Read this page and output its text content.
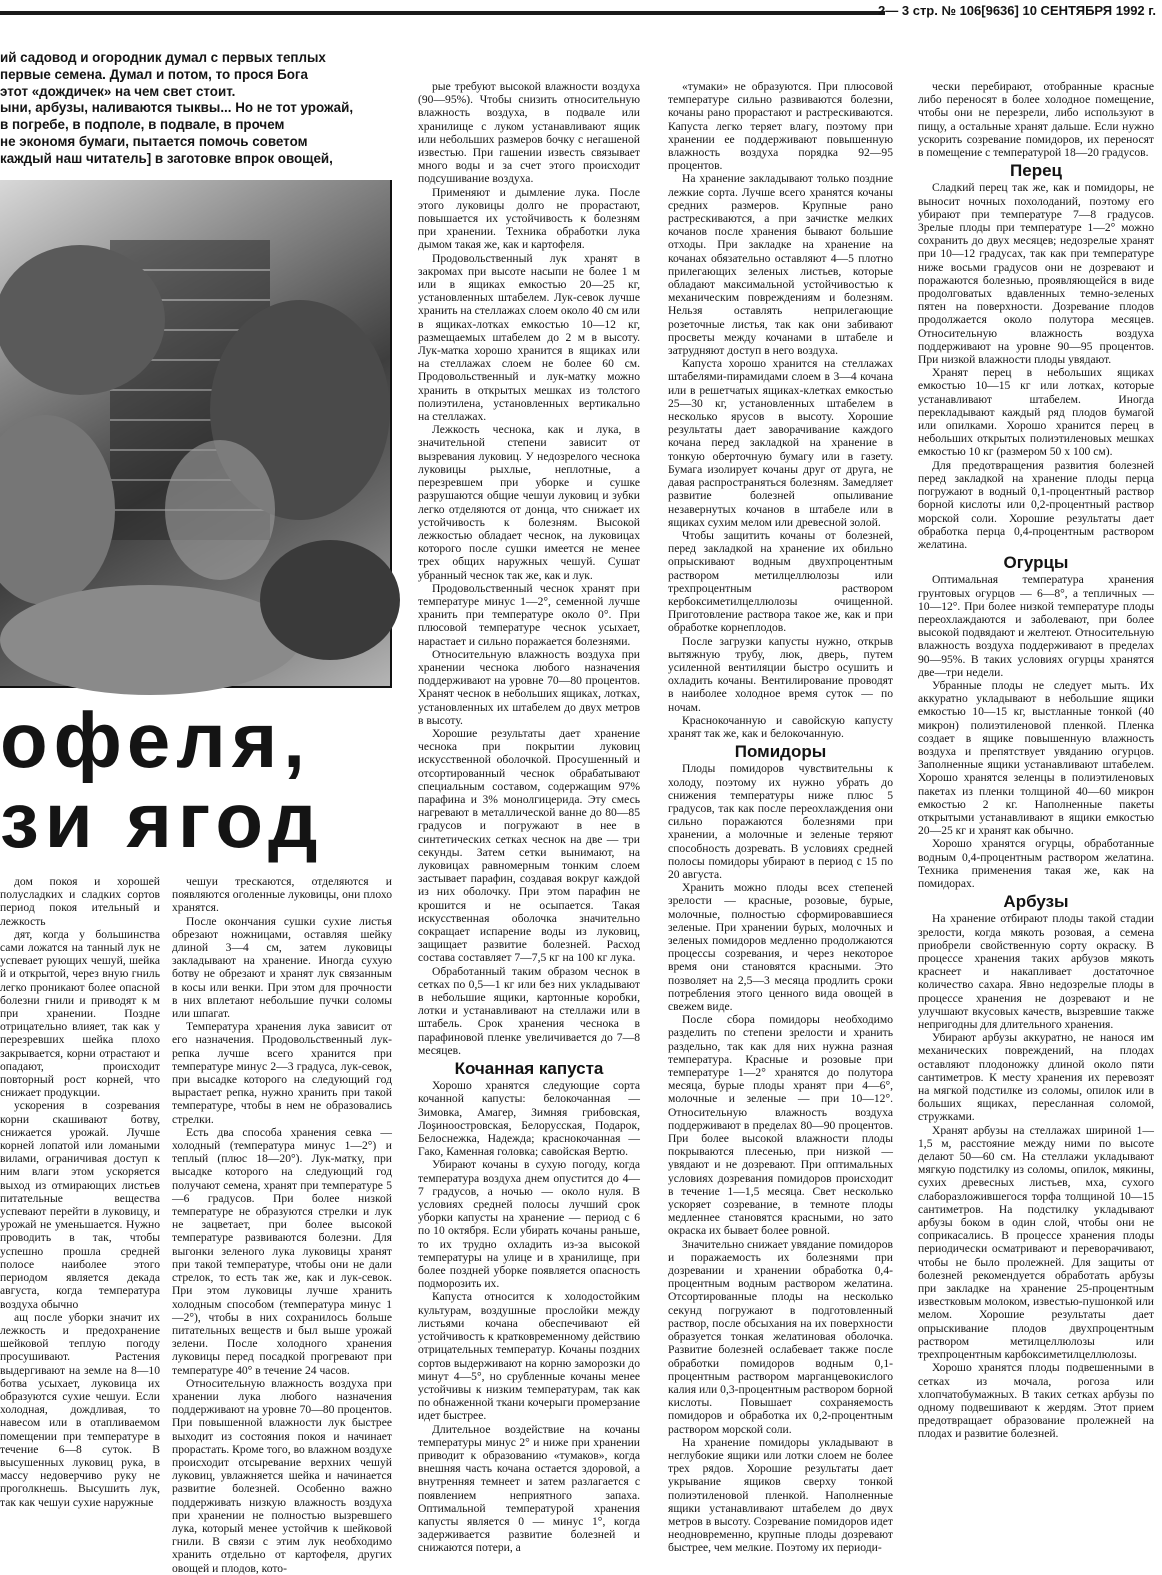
2— 3 стр. № 106[9636] 10 СЕНТЯБРЯ 1992 г.
ий садовод и огородник думал с первых теплых
первые семена. Думал и потом, то прося Бога
этот «дождичек» на чем свет стоит.
ыни, арбузы, наливаются тыквы... Но не тот урожай,
в погребе, в подполе, в подвале, в прочем
не экономя бумаги, пытается помочь советом
каждый наш читатель] в заготовке впрок овощей,
офеля,
зи ягод

дом покоя и хорошей полусладких и сладких сортов период покоя ительный и лежкость

дят, когда у большинства сами ложатся на танный лук не успевает рующих чешуй, шейка й и открытой, через вную гниль легко проникают более опасной болезни гнили и приводят к м при хранении. Поздне отрицательно влияет, так как у перезревших шейка плохо закрывается, корни отрастают и опадают, происходит повторный рост корней, что снижает продукции.

ускорения в созревания корни скашивают ботву, снижается урожай. Лучше корней лопатой или ломаными вилами, ограничивая доступ к ним влаги этом ускоряется выход из отмирающих листьев питательные вещества успевают перейти в луковицу, и урожай не уменьшается. Нужно проводить в так, чтобы успешно прошла средней полосе наиболее этого периодом является декада августа, когда температура воздуха обычно

ащ после уборки значит их лежкость и предохранение шейковой теплую погоду просушивают. Растения выдергивают на земле на 8—10 ботва усыхает, луковица их образуются сухие чешуи. Если холодная, дождливая, то навесом или в отапливаемом помещении при температуре в течение 6—8 суток. В высушенных луковиц рука, в массу недоверчиво руку не проголкнешь. Высушить лук, так как чешуи сухие наружные

чешуи трескаются, отделяются и появляются оголенные луковицы, они плохо хранятся.

После окончания сушки сухие листья обрезают ножницами, оставляя шейку длиной 3—4 см, затем луковицы закладывают на хранение. Иногда сухую ботву не обрезают и хранят лук связанным в косы или венки. При этом для прочности в них вплетают небольшие пучки соломы или шпагат.

Температура хранения лука зависит от его назначения. Продовольственный лук-репка лучше всего хранится при температуре минус 2—3 градуса, лук-севок, при высадке которого на следующий год вырастает репка, нужно хранить при такой температуре, чтобы в нем не образовались стрелки.

Есть два способа хранения севка — холодный (температура минус 1—2°) и теплый (плюс 18—20°). Лук-матку, при высадке которого на следующий год получают семена, хранят при температуре 5—6 градусов. При более низкой температуре не образуются стрелки и лук не зацветает, при более высокой температуре развиваются болезни. Для выгонки зеленого лука луковицы хранят при такой температуре, чтобы они не дали стрелок, то есть так же, как и лук-севок. При этом луковицы лучше хранить холодным способом (температура минус 1—2°), чтобы в них сохранилось больше питательных веществ и был выше урожай зелени. После холодного хранения луковицы перед посадкой прогревают при температуре 40° в течение 24 часов.

Относительную влажность воздуха при хранении лука любого назначения поддерживают на уровне 70—80 процентов. При повышенной влажности лук быстрее выходит из состояния покоя и начинает прорастать. Кроме того, во влажном воздухе происходит отсыревание верхних чешуй луковиц, увлажняется шейка и начинается развитие болезней. Особенно важно поддерживать низкую влажность воздуха при хранении не полностью вызревшего лука, который менее устойчив к шейковой гнили. В связи с этим лук необходимо хранить отдельно от картофеля, других овощей и плодов, кото-

рые требуют высокой влажности воздуха (90—95%). Чтобы снизить относительную влажность воздуха, в подвале или хранилище с луком устанавливают ящик или небольших размеров бочку с негашеной известью. При гашении известь связывает много воды и за счет этого происходит подсушивание воздуха.

Применяют и дымление лука. После этого луковицы долго не прорастают, повышается их устойчивость к болезням при хранении. Техника обработки лука дымом такая же, как и картофеля.

Продовольственный лук хранят в закромах при высоте насыпи не более 1 м или в ящиках емкостью 20—25 кг, установленных штабелем. Лук-севок лучше хранить на стеллажах слоем около 40 см или в ящиках-лотках емкостью 10—12 кг, размещаемых штабелем до 2 м в высоту. Лук-матка хорошо хранится в ящиках или на стеллажах слоем не более 60 см. Продовольственный и лук-матку можно хранить в открытых мешках из толстого полиэтилена, установленных вертикально на стеллажах.

Лежкость чеснока, как и лука, в значительной степени зависит от вызревания луковиц. У недозрелого чеснока луковицы рыхлые, неплотные, а перезревшем при уборке и сушке разрушаются общие чешуи луковиц и зубки легко отделяются от донца, что снижает их устойчивость к болезням. Высокой лежкостью обладает чеснок, на луковицах которого после сушки имеется не менее трех общих наружных чешуй. Сушат убранный чеснок так же, как и лук.

Продовольственный чеснок хранят при температуре минус 1—2°, семенной лучше хранить при температуре около 0°. При плюсовой температуре чеснок усыхает, нарастает и сильно поражается болезнями.

Относительную влажность воздуха при хранении чеснока любого назначения поддерживают на уровне 70—80 процентов. Хранят чеснок в небольших ящиках, лотках, установленных их штабелем до двух метров в высоту.

Хорошие результаты дает хранение чеснока при покрытии луковиц искусственной оболочкой. Просушенный и отсортированный чеснок обрабатывают специальным составом, содержащим 97% парафина и 3% монолгицерида. Эту смесь нагревают в металлической ванне до 80—85 градусов и погружают в нее в синтетических сетках чеснок на две — три секунды. Затем сетки вынимают, на луковицах равномерным тонким слоем застывает парафин, создавая вокруг каждой из них оболочку. При этом парафин не крошится и не осыпается. Такая искусственная оболочка значительно сокращает испарение воды из луковиц, защищает развитие болезней. Расход состава составляет 7—7,5 кг на 100 кг лука.

Обработанный таким образом чеснок в сетках по 0,5—1 кг или без них укладывают в небольшие ящики, картонные коробки, лотки и устанавливают на стеллажи или в штабель. Срок хранения чеснока в парафиновой пленке увеличивается до 7—8 месяцев.

Кочанная капуста

Хорошо хранятся следующие сорта кочанной капусты: белокочанная — Зимовка, Амагер, Зимняя грибовская, Лоşиноостровская, Белорусская, Подарок, Белоснежка, Надежда; краснокочанная — Гако, Каменная головка; савойская Вертю.

Убирают кочаны в сухую погоду, когда температура воздуха днем опустится до 4—7 градусов, а ночью — около нуля. В условиях средней полосы лучший срок уборки капусты на хранение — период с 6 по 10 октября. Если убирать кочаны раньше, то их трудно охладить из-за высокой температуры на улице и в хранилище, при более поздней уборке появляется опасность подморозить их.

Капуста относится к холодостойким культурам, воздушные прослойки между листьями кочана обеспечивают ей устойчивость к кратковременному действию отрицательных температур. Кочаны поздних сортов выдерживают на корню заморозки до минут 4—5°, но срубленные кочаны менее устойчивы к низким температурам, так как по обнаженной ткани кочерыги промерзание идет быстрее.

Длительное воздействие на кочаны температуры минус 2° и ниже при хранении приводит к образованию «тумаков», когда внешняя часть кочана остается здоровой, а внутренняя темнеет и затем разлагается с появлением неприятного запаха. Оптимальной температурой хранения капусты является 0 — минус 1°, когда задерживается развитие болезней и снижаются потери, а

«тумаки» не образуются. При плюсовой температуре сильно развиваются болезни, кочаны рано прорастают и растрескиваются. Капуста легко теряет влагу, поэтому при хранении ее поддерживают повышенную влажность воздуха порядка 92—95 процентов.

На хранение закладывают только поздние лежкие сорта. Лучше всего хранятся кочаны средних размеров. Крупные рано растрескиваются, а при зачистке мелких кочанов после хранения бывают большие отходы. При закладке на хранение на кочанах обязательно оставляют 4—5 плотно прилегающих зеленых листьев, которые обладают максимальной устойчивостью к механическим повреждениям и болезням. Нельзя оставлять неприлегающие розеточные листья, так как они забивают просветы между кочанами в штабеле и затрудняют доступ в него воздуха.

Капуста хорошо хранится на стеллажах штабелями-пирамидами слоем в 3—4 кочана или в решетчатых ящиках-клетках емкостью 25—30 кг, установленных штабелем в несколько ярусов в высоту. Хорошие результаты дает заворачивание каждого кочана перед закладкой на хранение в тонкую оберточную бумагу или в газету. Бумага изолирует кочаны друг от друга, не давая распространяться болезням. Замедляет развитие болезней опыливание незавернутых кочанов в штабеле или в ящиках сухим мелом или древесной золой.

Чтобы защитить кочаны от болезней, перед закладкой на хранение их обильно опрыскивают водным двухпроцентным раствором метилцеллюлозы или трехпроцентным раствором кербоксиметилцеллюлозы очищенной. Приготовление раствора такое же, как и при обработке корнеплодов.

После загрузки капусты нужно, открыв вытяжную трубу, люк, дверь, путем усиленной вентиляции быстро осушить и охладить кочаны. Вентилирование проводят в наиболее холодное время суток — по ночам.

Краснокочанную и савойскую капусту хранят так же, как и белокочанную.

Помидоры

Плоды помидоров чувствительны к холоду, поэтому их нужно убрать до снижения температуры ниже плюс 5 градусов, так как после переохлаждения они сильно поражаются болезнями при хранении, а молочные и зеленые теряют способность дозревать. В условиях средней полосы помидоры убирают в период с 15 по 20 августа.

Хранить можно плоды всех степеней зрелости — красные, розовые, бурые, молочные, полностью сформировавшиеся зеленые. При хранении бурых, молочных и зеленых помидоров медленно продолжаются процессы созревания, и через некоторое время они становятся красными. Это позволяет на 2,5—3 месяца продлить сроки потребления этого ценного вида овощей в свежем виде.

После сбора помидоры необходимо разделить по степени зрелости и хранить раздельно, так как для них нужна разная температура. Красные и розовые при температуре 1—2° хранятся до полутора месяца, бурые плоды хранят при 4—6°, молочные и зеленые — при 10—12°. Относительную влажность воздуха поддерживают в пределах 80—90 процентов. При более высокой влажности плоды покрываются плесенью, при низкой — увядают и не дозревают. При оптимальных условиях дозревания помидоров происходит в течение 1—1,5 месяца. Свет несколько ускоряет созревание, в темноте плоды медленнее становятся красными, но зато окраска их бывает более ровной.

Значительно снижает увядание помидоров и поражаемость их болезнями при дозревании и хранении обработка 0,4-процентным водным раствором желатина. Отсортированные плоды на несколько секунд погружают в подготовленный раствор, после обсыхания на их поверхности образуется тонкая желатиновая оболочка. Развитие болезней ослабевает также после обработки помидоров водным 0,1-процентным раствором марганцевокислого калия или 0,3-процентным раствором борной кислоты. Повышает сохраняемость помидоров и обработка их 0,2-процентным раствором морской соли.

На хранение помидоры укладывают в неглубокие ящики или лотки слоем не более трех рядов. Хорошие результаты дает укрывание ящиков сверху тонкой полиэтиленовой пленкой. Наполненные ящики устанавливают штабелем до двух метров в высоту. Созревание помидоров идет неодновременно, крупные плоды дозревают быстрее, чем мелкие. Поэтому их периоди-

чески перебирают, отобранные красные либо переносят в более холодное помещение, чтобы они не перезрели, либо используют в пищу, а остальные хранят дальше. Если нужно ускорить созревание помидоров, их переносят в помещение с температурой 18—20 градусов.

Перец

Сладкий перец так же, как и помидоры, не выносит ночных похолоданий, поэтому его убирают при температуре 7—8 градусов. Зрелые плоды при температуре 1—2° можно сохранить до двух месяцев; недозрелые хранят при 10—12 градусах, так как при температуре ниже восьми градусов они не дозревают и поражаются болезнью, проявляющейся в виде продолговатых вдавленных темно-зеленых пятен на поверхности. Дозревание плодов продолжается около полутора месяцев. Относительную влажность воздуха поддерживают на уровне 90—95 процентов. При низкой влажности плоды увядают.

Хранят перец в небольших ящиках емкостью 10—15 кг или лотках, которые устанавливают штабелем. Иногда перекладывают каждый ряд плодов бумагой или опилками. Хорошо хранится перец в небольших открытых полиэтиленовых мешках емкостью 10 кг (размером 50 х 100 см).

Для предотвращения развития болезней перед закладкой на хранение плоды перца погружают в водный 0,1-процентный раствор борной кислоты или 0,2-процентный раствор морской соли. Хорошие результаты дает обработка перца 0,4-процентным раствором желатина.

Огурцы

Оптимальная температура хранения грунтовых огурцов — 6—8°, а тепличных — 10—12°. При более низкой температуре плоды переохлаждаются и заболевают, при более высокой подвядают и желтеют. Относительную влажность воздуха поддерживают в пределах 90—95%. В таких условиях огурцы хранятся две—три недели.

Убранные плоды не следует мыть. Их аккуратно укладывают в небольшие ящики емкостью 10—15 кг, выстланные тонкой (40 микрон) полиэтиленовой пленкой. Пленка создает в ящике повышенную влажность воздуха и препятствует увяданию огурцов. Заполненные ящики устанавливают штабелем. Хорошо хранятся зеленцы в полиэтиленовых пакетах из пленки толщиной 40—60 микрон емкостью 2 кг. Наполненные пакеты открытыми устанавливают в ящики емкостью 20—25 кг и хранят как обычно.

Хорошо хранятся огурцы, обработанные водным 0,4-процентным раствором желатина. Техника применения такая же, как на помидорах.

Арбузы

На хранение отбирают плоды такой стадии зрелости, когда мякоть розовая, а семена приобрели свойственную сорту окраску. В процессе хранения таких арбузов мякоть краснеет и накапливает достаточное количество сахара. Явно недозрелые плоды в процессе хранения не дозревают и не улучшают вкусовых качеств, вызревшие также непригодны для длительного хранения.

Убирают арбузы аккуратно, не нанося им механических повреждений, на плодах оставляют плодоножку длиной около пяти сантиметров. К месту хранения их перевозят на мягкой подстилке из соломы, опилок или в больших ящиках, пересланная соломой, стружками.

Хранят арбузы на стеллажах шириной 1—1,5 м, расстояние между ними по высоте делают 50—60 см. На стеллажи укладывают мягкую подстилку из соломы, опилок, мякины, сухих древесных листьев, мха, сухого слаборазложившегося торфа толщиной 10—15 сантиметров. На подстилку укладывают арбузы боком в один слой, чтобы они не соприкасались. В процессе хранения плоды периодически осматривают и переворачивают, чтобы не было пролежней. Для защиты от болезней рекомендуется обработать арбузы при закладке на хранение 25-процентным известковым молоком, известью-пушонкой или мелом. Хорошие результаты дает опрыскивание плодов двухпроцентным раствором метилцеллюлозы или трехпроцентным карбоксиметилцеллюлозы.

Хорошо хранятся плоды подвешенными в сетках из мочала, рогоза или хлопчатобумажных. В таких сетках арбузы по одному подвешивают к жердям. Этот прием предотвращает образование пролежней на плодах и развитие болезней.
